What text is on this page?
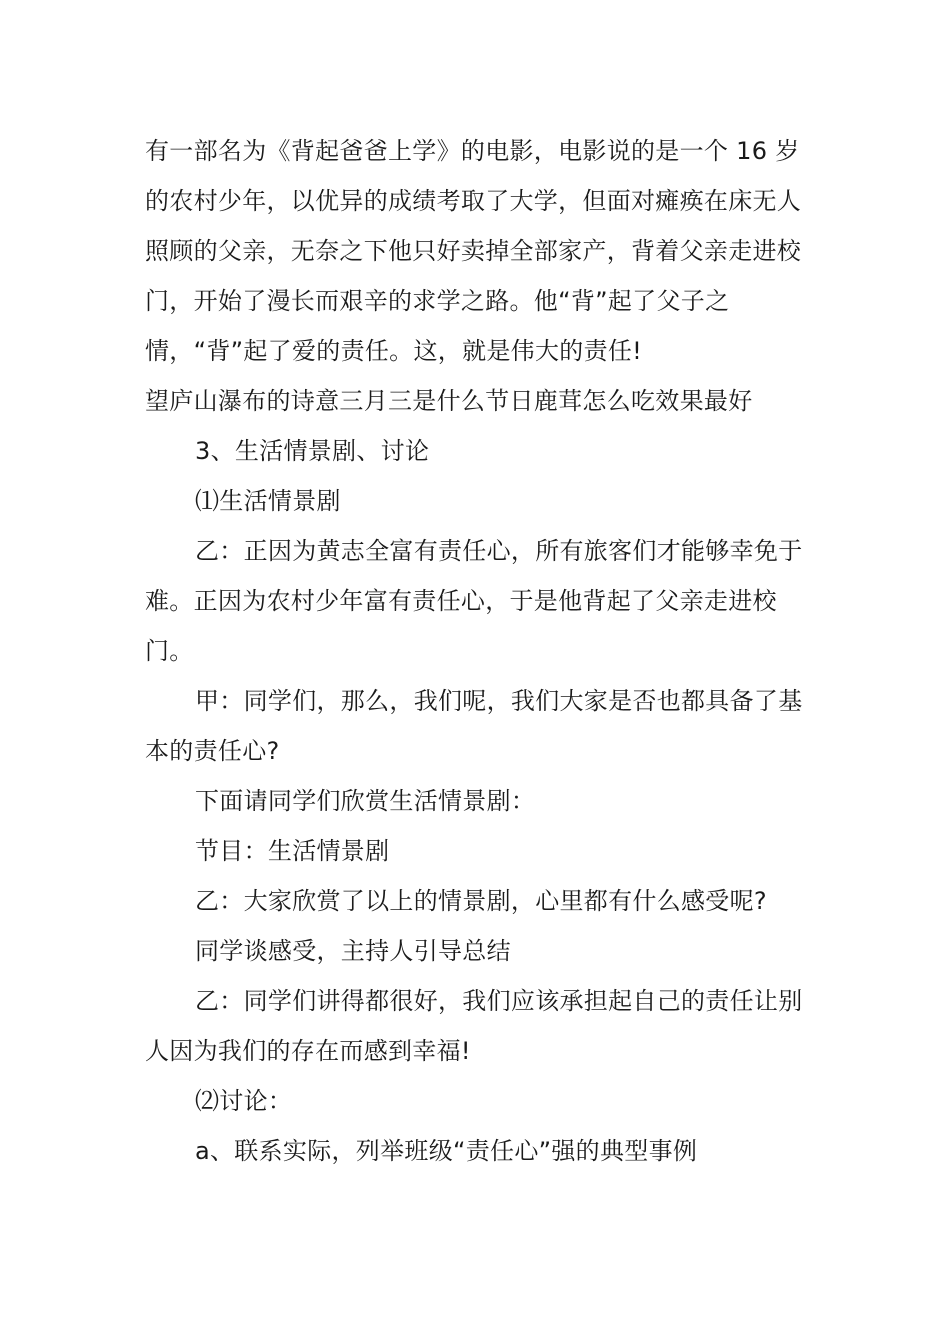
有一部名为《背起爸爸上学》的电影，电影说的是一个 16 岁的农村少年，以优异的成绩考取了大学，但面对瘫痪在床无人照顾的父亲，无奈之下他只好卖掉全部家产，背着父亲走进校门，开始了漫长而艰辛的求学之路。他“背”起了父子之情，“背”起了爱的责任。这，就是伟大的责任!

望庐山瀑布的诗意三月三是什么节日鹿茸怎么吃效果最好

3、生活情景剧、讨论

⑴生活情景剧

乙：正因为黄志全富有责任心，所有旅客们才能够幸免于难。正因为农村少年富有责任心，于是他背起了父亲走进校门。

甲：同学们，那么，我们呢，我们大家是否也都具备了基本的责任心?

下面请同学们欣赏生活情景剧：

节目：生活情景剧

乙：大家欣赏了以上的情景剧，心里都有什么感受呢?

同学谈感受，主持人引导总结

乙：同学们讲得都很好，我们应该承担起自己的责任让别人因为我们的存在而感到幸福!

⑵讨论：

a、联系实际，列举班级“责任心”强的典型事例
